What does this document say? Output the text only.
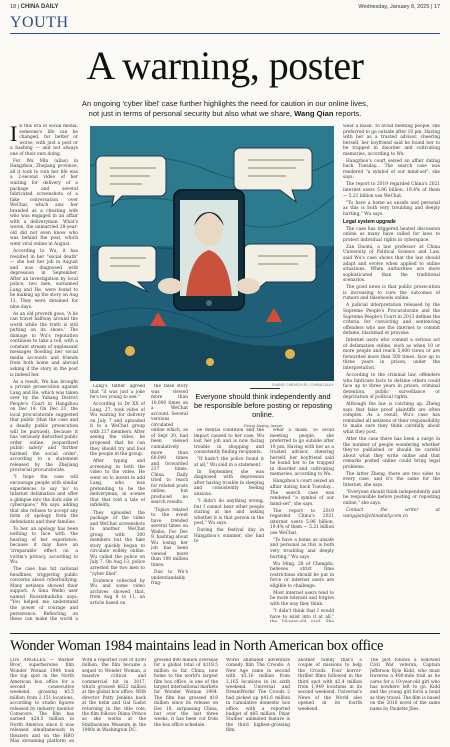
18 | CHINA DAILY	Wednesday, January 8, 2025 | 17
YOUTH
A warning, poster
An ongoing 'cyber libel' case further highlights the need for caution in our online lives,
not just in terms of personal security but also what we share, Wang Qian reports.

In this era of social media, someone's life can be changed, for better or worse, with just a post or a hashing — and not always one of their own doing.

For Wu Min (alias) in Hangzhou, Zhejiang province, all it took to ruin her life was a 2-second video of her waiting for delivery of a package and several fabricated screenshots of a fake conversation over WeChat, which saw her branded as a cheating wife who was engaged in an affair with a deliveryman. What's worse, the unmarried 28-year-old did not even know who was behind the post, which went viral online in August.

According to Wu, it has resulted in her "social death" — she lost her job in August and was diagnosed with depression in September. After an investigation by local police, two men, surnamed Lang and He, were found to be making up the story on Aug 13. They were detained for nine days.

As an old proverb goes, 'A lie can travel halfway around the world while the truth is still putting on its shoes.' The damage to Wu's reputation continues to take a toll, with a constant stream of unpleasant messages flooding her social media accounts and friends from both home and abroad asking if the story in the post is indeed her.

As a result, Wu has brought a private prosecution against Lang and He, which was taken over by the Yuhang District People's Court in Hangzhou on Dec 14. On Dec 21, the local procuratorate suggested that public (that the case and a deadly public prosecution will be pursued), because it has 'seriously disturbed public order online, jeopardized public safety' and 'further harmed the social order', according to a statement released by the Zhejiang provincial procuratorate.

"I hope the case will encourage people with similar experiences to say 'no' to Internet defamation and offer a glimpse into the dark side of cyberspace," Wu says, adding that she refuses to accept any form of apology from the defendants and their families.

To her, an apology has been nothing to face with 'the hearing of her experience, because it may have an 'irreparable' effect on a victim's privacy, according to Wu.

The case has hit national headlines, triggering public concerns about cyberbullying. Many netizens showed their support. A Sina Weibo user named Ruoxiebudizhu says: "You helped me understand the power of courage and persistence. Reflecting on these can make the world a

ZHANG CHENGYUE / CHINA DAILY
Everyone should think independently and be responsible before posting or reposting online.
Zheng Jiaqing, lawyer

Lang's father agreed that "it was just a joke he's too young to see."

According to Dr XX of Lang, 27, took video of Wu waiting for delivery on July 7 and uploaded it to a WeChat group with 217 members. After seeing the video, he proposed that he can they should try and fool the people in the group.

After typing and screening in both the video to the video, He went on to invent to add Lang, who was pretending to be the deliveryman, in scenes that that told a tale of infidelity.

They uploaded the package of the video and WeChat screenshots to another WeChat group with 300 members but the fake story quickly began to circulate widely online. Wu called the police on July 7. On Aug 13, police arrested the two men to "cyber libel".

Evidence collected by Wu and some video archives showed that, from Aug 8 to 11, an article based on

the false story was viewed more than 10,000 times on a WeChat account. Several versions circulated online which, as of Sept 30, had been viewed cumulatively more than 60,000 times and forwarded 217 times. China Daily tried to reach for related posts online, but produced no search results.

'Topics related to the event have trended several times on Weibo. For Dec 9, hashtag about Wu losing her job has been viewed more than 100 million times.

Due to Wu's understandably frag-

ile mental condition and the impact caused to her case, Wu lost her job and is now facing trouble in shopping and consistently finding recipients.

"If hadn't the police found it at all," Wu said in a statement.

In September, she was diagnosed with depression after having trouble in sleeping and consistently feeling anxious.

"I didn't do anything wrong, but I cannot bear other people staring at me and asking whether it is that person in the post," Wu says.

During the festival day in Hangzhou's summer, she had to

wear a mask. To avoid meeting people, she preferred to go outside after 10 pm. Having with her as a trusted advisor, cheering herself, her boyfriend said he found her to be trapped in disorder and cultivating memories, according to Wu.

Hangzhou's court seized an affair dating back Tuesday... The search case was rendered "a symbol of our mind-set", she says.

The report to 2019 regarded China's 2021 internet users 5.96 billion, 19.4% of them — 5.21 billion use WeChat.

"To have a home as unsafe and personal as this is both very troubling and deeply hurting," Wu says.

Wu Ming, 28 of Chengdu, believes strict time restrictions should be put in force or internet users are eligible to challenge.

Most internet users tend to be more tolerant and forgive with the way they think.

"I didn't think that I would have to exist into it at all,"

wear a mask. To avoid meeting people, she preferred to go outside after 10 pm. Having with her as a trusted advisor, cheering herself, her boyfriend said he found her to be trapped in disorder and cultivating memories, according to Wu.

Hangzhou's court seized an affair dating back Tuesday... The search case was rendered "a symbol of our mind-set", she says.

The report to 2019 regarded China's 2021 internet users 5.96 billion, 19.4% of them — 5.21 billion use WeChat.

"To have a home as unsafe and personal as this is both very troubling and deeply hurting," Wu says.

Legal system upgrade

The case has triggered heated discussion online as many have called for laws to protect individual rights in cyberspace.

Zan Daomi, a law professor at China University of Political Science and Law, said Wu's case shows that the law should adapt and evolve when applied to online situations. When authorities are more sophisticated than the traditional scenarios.

The good news is that public prosecution is increasing to cure the outcomes of rumors and falsehoods online.

A judicial interpretation released by the Supreme People's Procuratorate and the Supreme People's Court in 2013 defines the criteria for convicting and sentencing offenders who use the internet to commit defame, blackmail or provoke.

Internet users who commit a serious act of defamation online, such as when 10 or more people and reach 5,000 views or are forwarded more than 500 times, face up to three years in prison, under the interpretation.

According to the criminal law, offenders who fabricate facts to defame others could face up to three years in prison, criminal detention, public surveillance or deprivation of political rights.

Although the law is catching up, Zheng says that false proof plaintiffs are often complex. As a result, Wu's case has reminded all netizens of their responsibility to make sure they think carefully about what they post.

After the case there has been a surge in the number of people wondering whether they've published or should be careful about what they write online and that remarks posted online could bring legal problems.

The latter Zheng, there are two sides to every case, and it's the same for the Internet, she says.

"Everyone should think independently and be responsible before posting or reposting online," she says.

Contact the writer at wangqian@chinadaily.com.cn

Wonder Woman 1984 maintains lead in North American box office

LOS ANGELES — Warner Bros' superheroine film Wonder Woman 1984 took the top spot in the North American box office for a second consecutive weekend, grossing $5.5 million from 2,151 locations, according to studio figures released by industry monitor Comscore. The film has earned $28.5 million in North America since it was released simultaneously in theaters and on the HBO Max streaming platform on

With a reported cost of $200 million, the film became a sequel to Wonder Woman, a massive critical and commercial hit in 2017, which grossed $822 million at the global box office. With director Patty Jenkins back at the helm and Gal Gadot returning in the title role, the film follows Diana Prince as she works at the Smithsonian Museum in the 1980s in Washington DC.

grossed $98 million overseas for a global total of $118.5 million so far. China, now home to the world's largest film box office, is one of the largest international markets for Wonder Woman 1984. The film has grossed $18 million since its release on Dec 18, surpassing China, but over the last three weeks, it has been cut from the box office schedule.

World animated adventure comedy film The Croods: A New Age came in second with $5.16 million from 2,165 locations in its sixth weekend. Universal and DreamWorks' The Croods 2 had picked up $41.6 million in cumulative domestic box office, with a reported budget of $65 million. Pixar Studios' animated feature is the third highest-grossing film.

another family that's a couple of missions to help the Croods. Four horror-thriller films followed in the third spot with $2.4 million from 1,949 locations in its second weekend. Universal's News of the World also opened in its fourth weekend.

The plot follows a widowed Civil War veteran, Captain Jefferson Kyle Kidd, who must traverse a 400-mile trail as he cares for a 10-year-old girl who has nowhere left to go. Kidd and the young girl form a bond as they travel. The film is based on the 2016 novel of the same name by Paulette Jiles.
